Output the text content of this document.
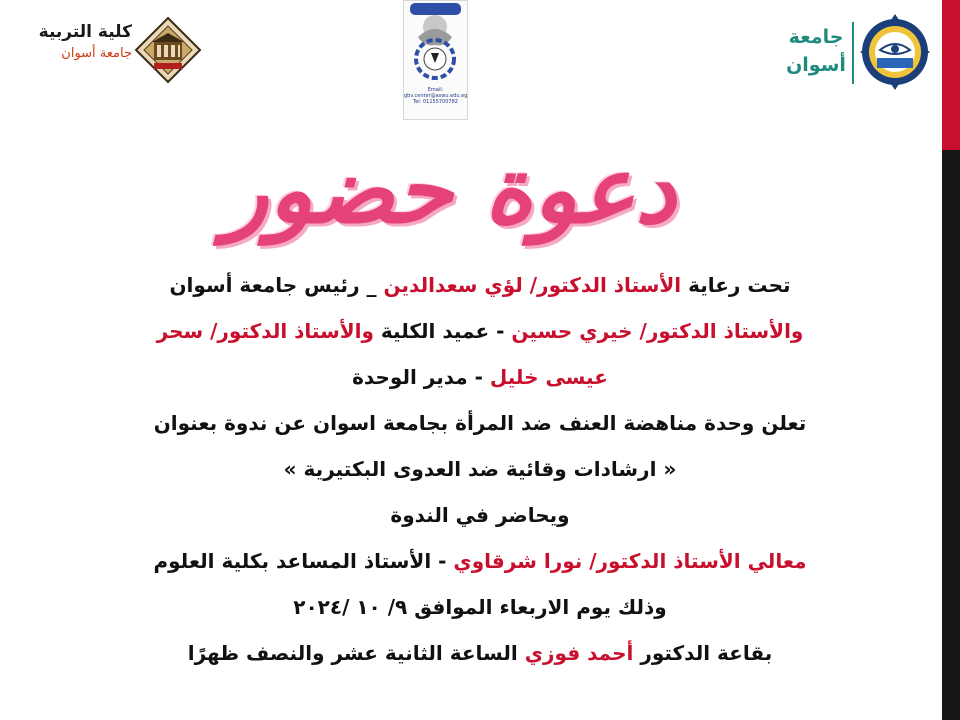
كلية التربية
جامعة أسوان
Email: gbv.center@aswu.edu.eg
Tel: 01155700782
جامعة
أسوان
دعوة حضور
تحت رعاية الأستاذ الدكتور/ لؤي سعدالدين _ رئيس جامعة أسوان
والأستاذ الدكتور/ خيري حسين - عميد الكلية والأستاذ الدكتور/ سحر
عيسى خليل - مدير الوحدة
تعلن وحدة مناهضة العنف ضد المرأة بجامعة اسوان عن ندوة بعنوان
« ارشادات وقائية ضد العدوى البكتيرية »
ويحاضر في الندوة
معالي الأستاذ الدكتور/ نورا شرقاوي - الأستاذ المساعد بكلية العلوم
وذلك يوم الاربعاء الموافق ٩/ ١٠ /٢٠٢٤
بقاعة الدكتور أحمد فوزي الساعة الثانية عشر والنصف ظهرًا
